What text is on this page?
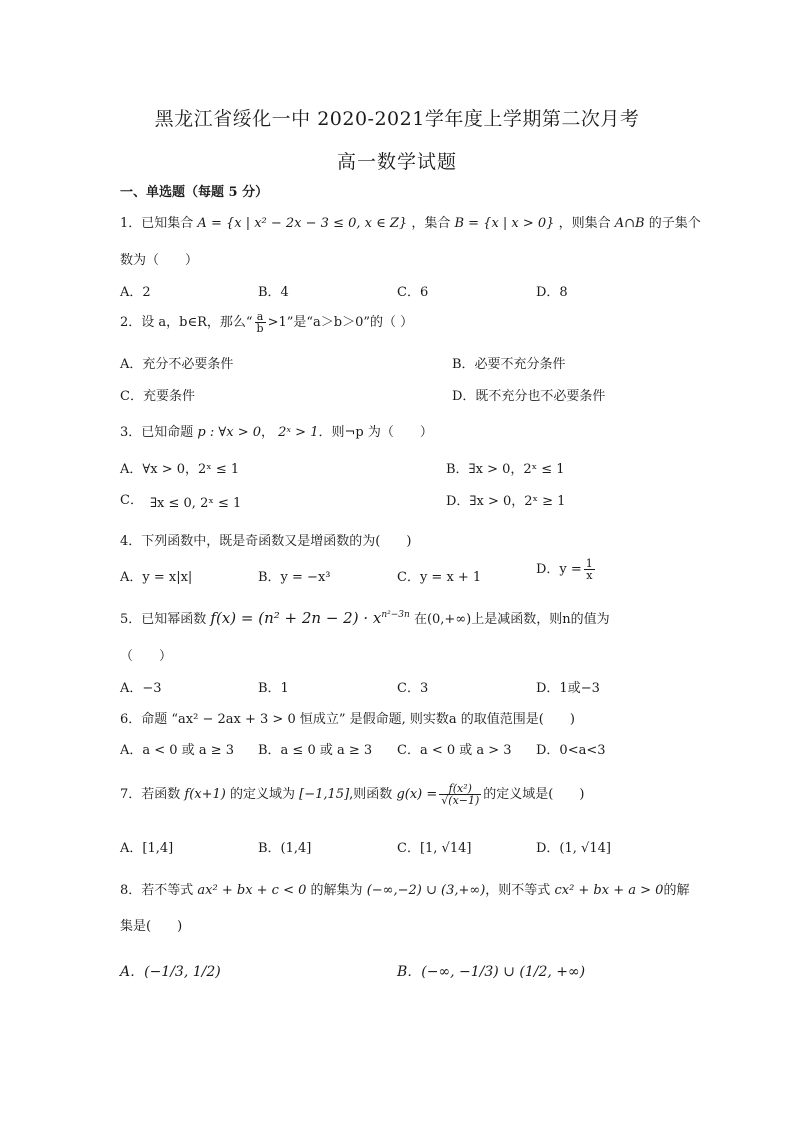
黑龙江省绥化一中 2020-2021学年度上学期第二次月考
高一数学试题
一、单选题（每题 5 分）
1．已知集合 A = {x | x² − 2x − 3 ≤ 0, x ∈ Z} ，集合 B = {x | x > 0} ，则集合 A∩B 的子集个
数为（　　）
A．2	B．4	C．6	D．8
2．设 a，b∈R，那么“ $\frac{a}{b} >1$”是“a＞b＞0”的（ ）
A．充分不必要条件	B．必要不充分条件
C．充要条件	D．既不充分也不必要条件
3．已知命题 p : ∀x > 0， 2ˣ > 1．则¬p 为（　　）
A．∀x > 0，2ˣ ≤ 1	B．∃x > 0，2ˣ ≤ 1
C． ∃x ≤ 0, 2ˣ ≤ 1	D．∃x > 0，2ˣ ≥ 1
4．下列函数中，既是奇函数又是增函数的为(　　)
A．y = x|x|	B．y = −x³	C．y = x + 1
D．$y = \frac{1}{x}$
5．已知幂函数 $f(x) = (n^2 + 2n - 2) \cdot x^{n^2-3n}$ 在(0,+∞)上是减函数，则n的值为
（　　）
A．−3	B．1	C．3	D．1或−3
6．命题 “ax² − 2ax + 3 > 0 恒成立” 是假命题, 则实数a 的取值范围是(　　)
A．a < 0 或 a ≥ 3 B．a ≤ 0 或 a ≥ 3 C．a < 0 或 a > 3 D．0<a<3
7．若函数 f(x+1) 的定义域为 [−1,15],则函数 $g(x) = \frac{\text{f(x²)}}{√(x-1)}$ 的定义域是(　　)
A．[1,4]	B．(1,4]	C．[1, √14]	D．(1, √14]
8．若不等式 ax² + bx + c < 0 的解集为 (−∞,−2) ∪ (3,+∞)，则不等式 cx² + bx + a > 0的解
集是(　　)
A．(−1/3, 1/2)	B．(−∞, −1/3) ∪ (1/2, +∞)
